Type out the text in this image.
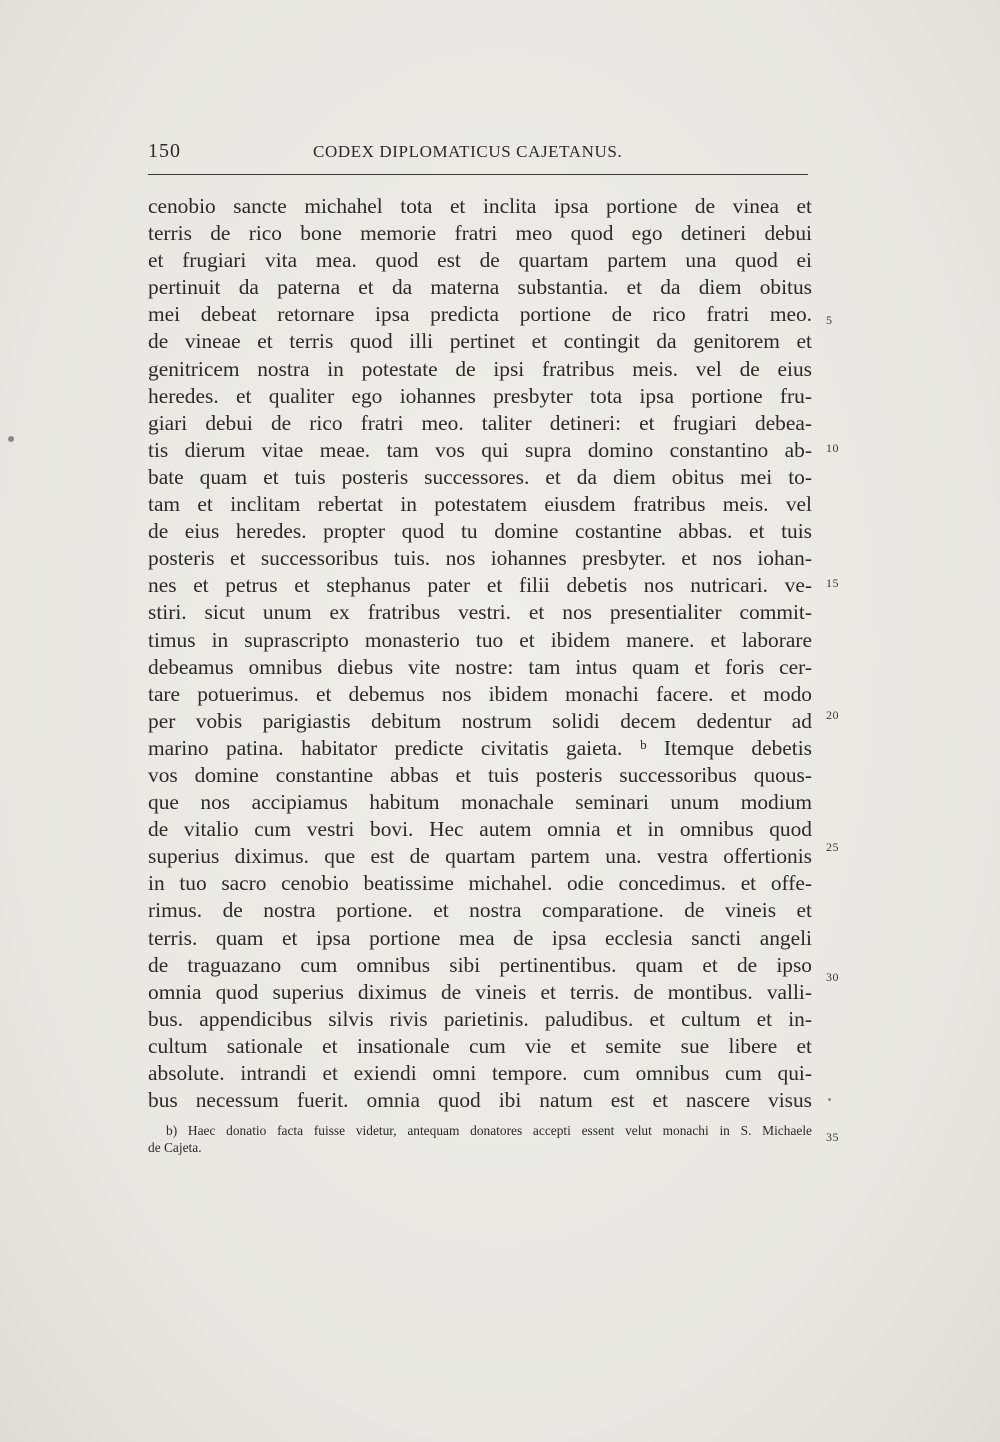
150	CODEX DIPLOMATICUS CAJETANUS.
cenobio sancte michahel tota et inclita ipsa portione de vinea et
terris de rico bone memorie fratri meo quod ego detineri debui
et frugiari vita mea. quod est de quartam partem una quod ei
pertinuit da paterna et da materna substantia. et da diem obitus
mei debeat retornare ipsa predicta portione de rico fratri meo.
de vineae et terris quod illi pertinet et contingit da genitorem et
genitricem nostra in potestate de ipsi fratribus meis. vel de eius
heredes. et qualiter ego iohannes presbyter tota ipsa portione fru-
giari debui de rico fratri meo. taliter detineri: et frugiari debea-
tis dierum vitae meae. tam vos qui supra domino constantino ab-
bate quam et tuis posteris successores. et da diem obitus mei to-
tam et inclitam rebertat in potestatem eiusdem fratribus meis. vel
de eius heredes. propter quod tu domine costantine abbas. et tuis
posteris et successoribus tuis. nos iohannes presbyter. et nos iohan-
nes et petrus et stephanus pater et filii debetis nos nutricari. ve-
stiri. sicut unum ex fratribus vestri. et nos presentialiter commit-
timus in suprascripto monasterio tuo et ibidem manere. et laborare
debeamus omnibus diebus vite nostre: tam intus quam et foris cer-
tare potuerimus. et debemus nos ibidem monachi facere. et modo
per vobis parigiastis debitum nostrum solidi decem dedentur ad
marino patina. habitator predicte civitatis gaieta. ᵇ Itemque debetis
vos domine constantine abbas et tuis posteris successoribus quous-
que nos accipiamus habitum monachale seminari unum modium
de vitalio cum vestri bovi. Hec autem omnia et in omnibus quod
superius diximus. que est de quartam partem una. vestra offertionis
in tuo sacro cenobio beatissime michahel. odie concedimus. et offe-
rimus. de nostra portione. et nostra comparatione. de vineis et
terris. quam et ipsa portione mea de ipsa ecclesia sancti angeli
de traguazano cum omnibus sibi pertinentibus. quam et de ipso
omnia quod superius diximus de vineis et terris. de montibus. valli-
bus. appendicibus silvis rivis parietinis. paludibus. et cultum et in-
cultum sationale et insationale cum vie et semite sue libere et
absolute. intrandi et exiendi omni tempore. cum omnibus cum qui-
bus necessum fuerit. omnia quod ibi natum est et nascere visus
5
10
15
20
25
30
35
b) Haec donatio facta fuisse videtur, antequam donatores accepti essent velut monachi in S. Michaele
de Cajeta.
